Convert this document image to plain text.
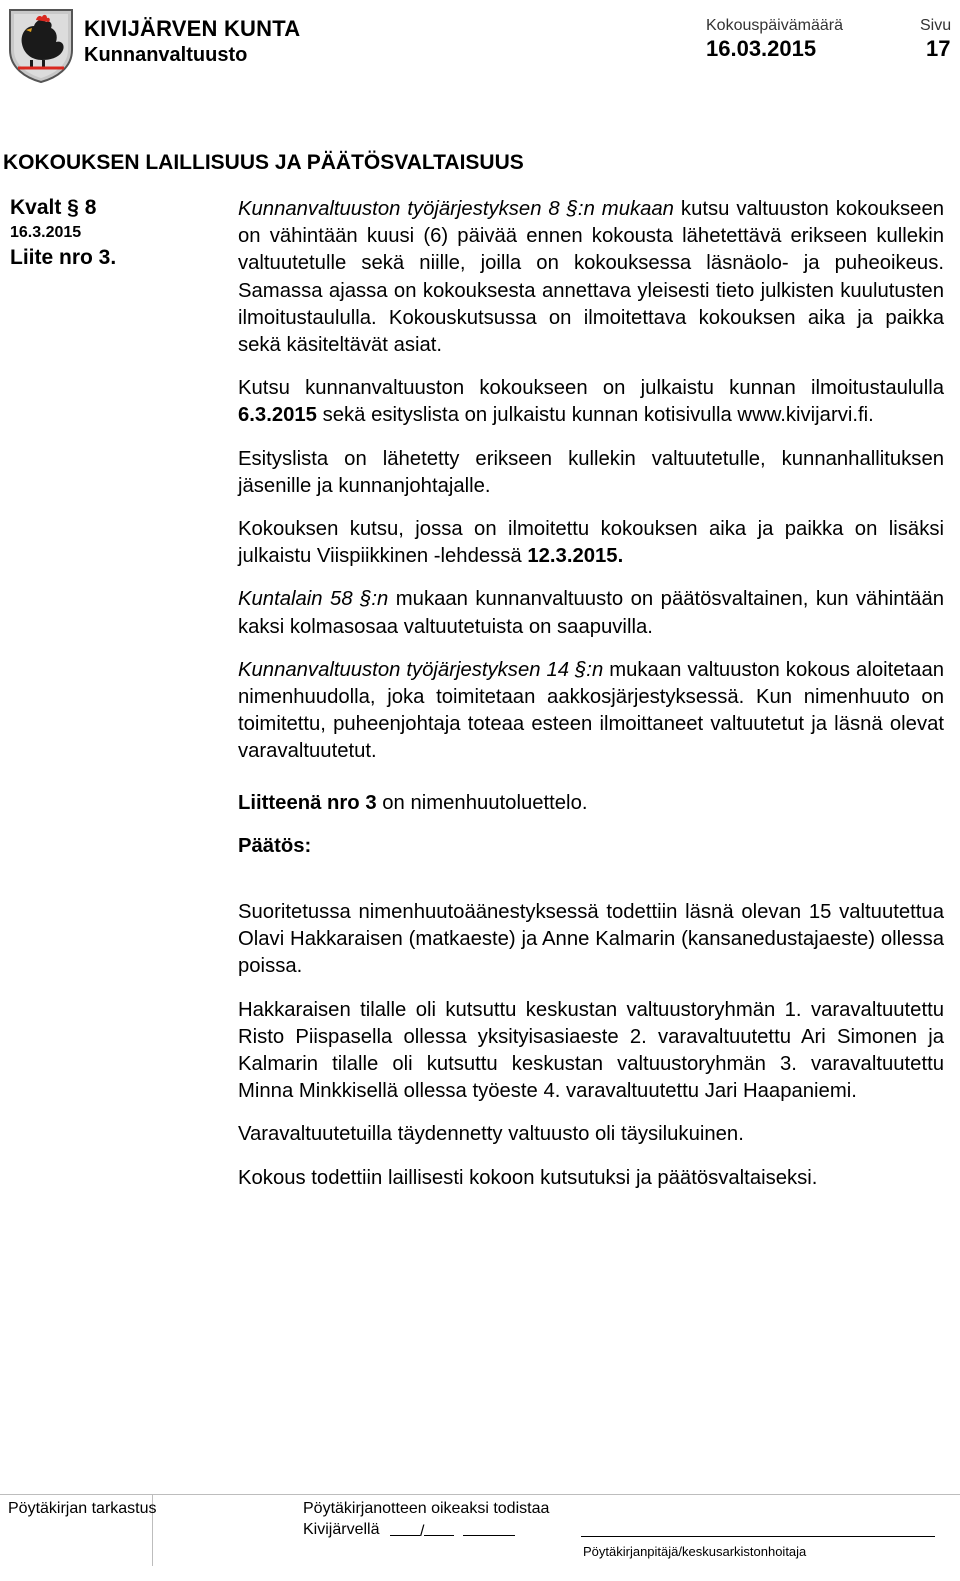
KIVIJÄRVEN KUNTA
Kunnanvaltuusto
Kokouspäivämäärä
16.03.2015
Sivu
17
KOKOUKSEN LAILLISUUS JA PÄÄTÖSVALTAISUUS
Kvalt § 8
16.3.2015
Liite nro 3.

Kunnanvaltuuston työjärjestyksen 8 §:n mukaan kutsu valtuuston kokoukseen on vähintään kuusi (6) päivää ennen kokousta lähetettävä erikseen kullekin valtuutetulle sekä niille, joilla on kokouksessa läsnäolo- ja puheoikeus. Samassa ajassa on kokouksesta annettava yleisesti tieto julkisten kuulutusten ilmoitustaululla. Kokouskutsussa on ilmoitettava kokouksen aika ja paikka sekä käsiteltävät asiat.

Kutsu kunnanvaltuuston kokoukseen on julkaistu kunnan ilmoitustaululla 6.3.2015 sekä esityslista on julkaistu kunnan kotisivulla www.kivijarvi.fi.

Esityslista on lähetetty erikseen kullekin valtuutetulle, kunnanhallituksen jäsenille ja kunnanjohtajalle.

Kokouksen kutsu, jossa on ilmoitettu kokouksen aika ja paikka on lisäksi julkaistu Viispiikkinen -lehdessä 12.3.2015.

Kuntalain 58 §:n mukaan kunnanvaltuusto on päätösvaltainen, kun vähintään kaksi kolmasosaa valtuutetuista on saapuvilla.

Kunnanvaltuuston työjärjestyksen 14 §:n mukaan valtuuston kokous aloitetaan nimenhuudolla, joka toimitetaan aakkosjärjestyksessä. Kun nimenhuuto on toimitettu, puheenjohtaja toteaa esteen ilmoittaneet valtuutetut ja läsnä olevat varavaltuutetut.

Liitteenä nro 3 on nimenhuutoluettelo.

Päätös:

Suoritetussa nimenhuutoäänestyksessä todettiin läsnä olevan 15 valtuutettua Olavi Hakkaraisen (matkaeste) ja Anne Kalmarin (kansanedustajaeste) ollessa poissa.

Hakkaraisen tilalle oli kutsuttu keskustan valtuustoryhmän 1. varavaltuutettu Risto Piispasella ollessa yksityisasiaeste 2. varavaltuutettu Ari Simonen ja Kalmarin tilalle oli kutsuttu keskustan valtuustoryhmän 3. varavaltuutettu Minna Minkkisellä ollessa työeste 4. varavaltuutettu Jari Haapaniemi.

Varavaltuutetuilla täydennetty valtuusto oli täysilukuinen.

Kokous todettiin laillisesti kokoon kutsutuksi ja päätösvaltaiseksi.

Pöytäkirjan tarkastus	Pöytäkirjanotteen oikeaksi todistaa
Kivijärvellä	/
Pöytäkirjanpitäjä/keskusarkistonhoitaja
